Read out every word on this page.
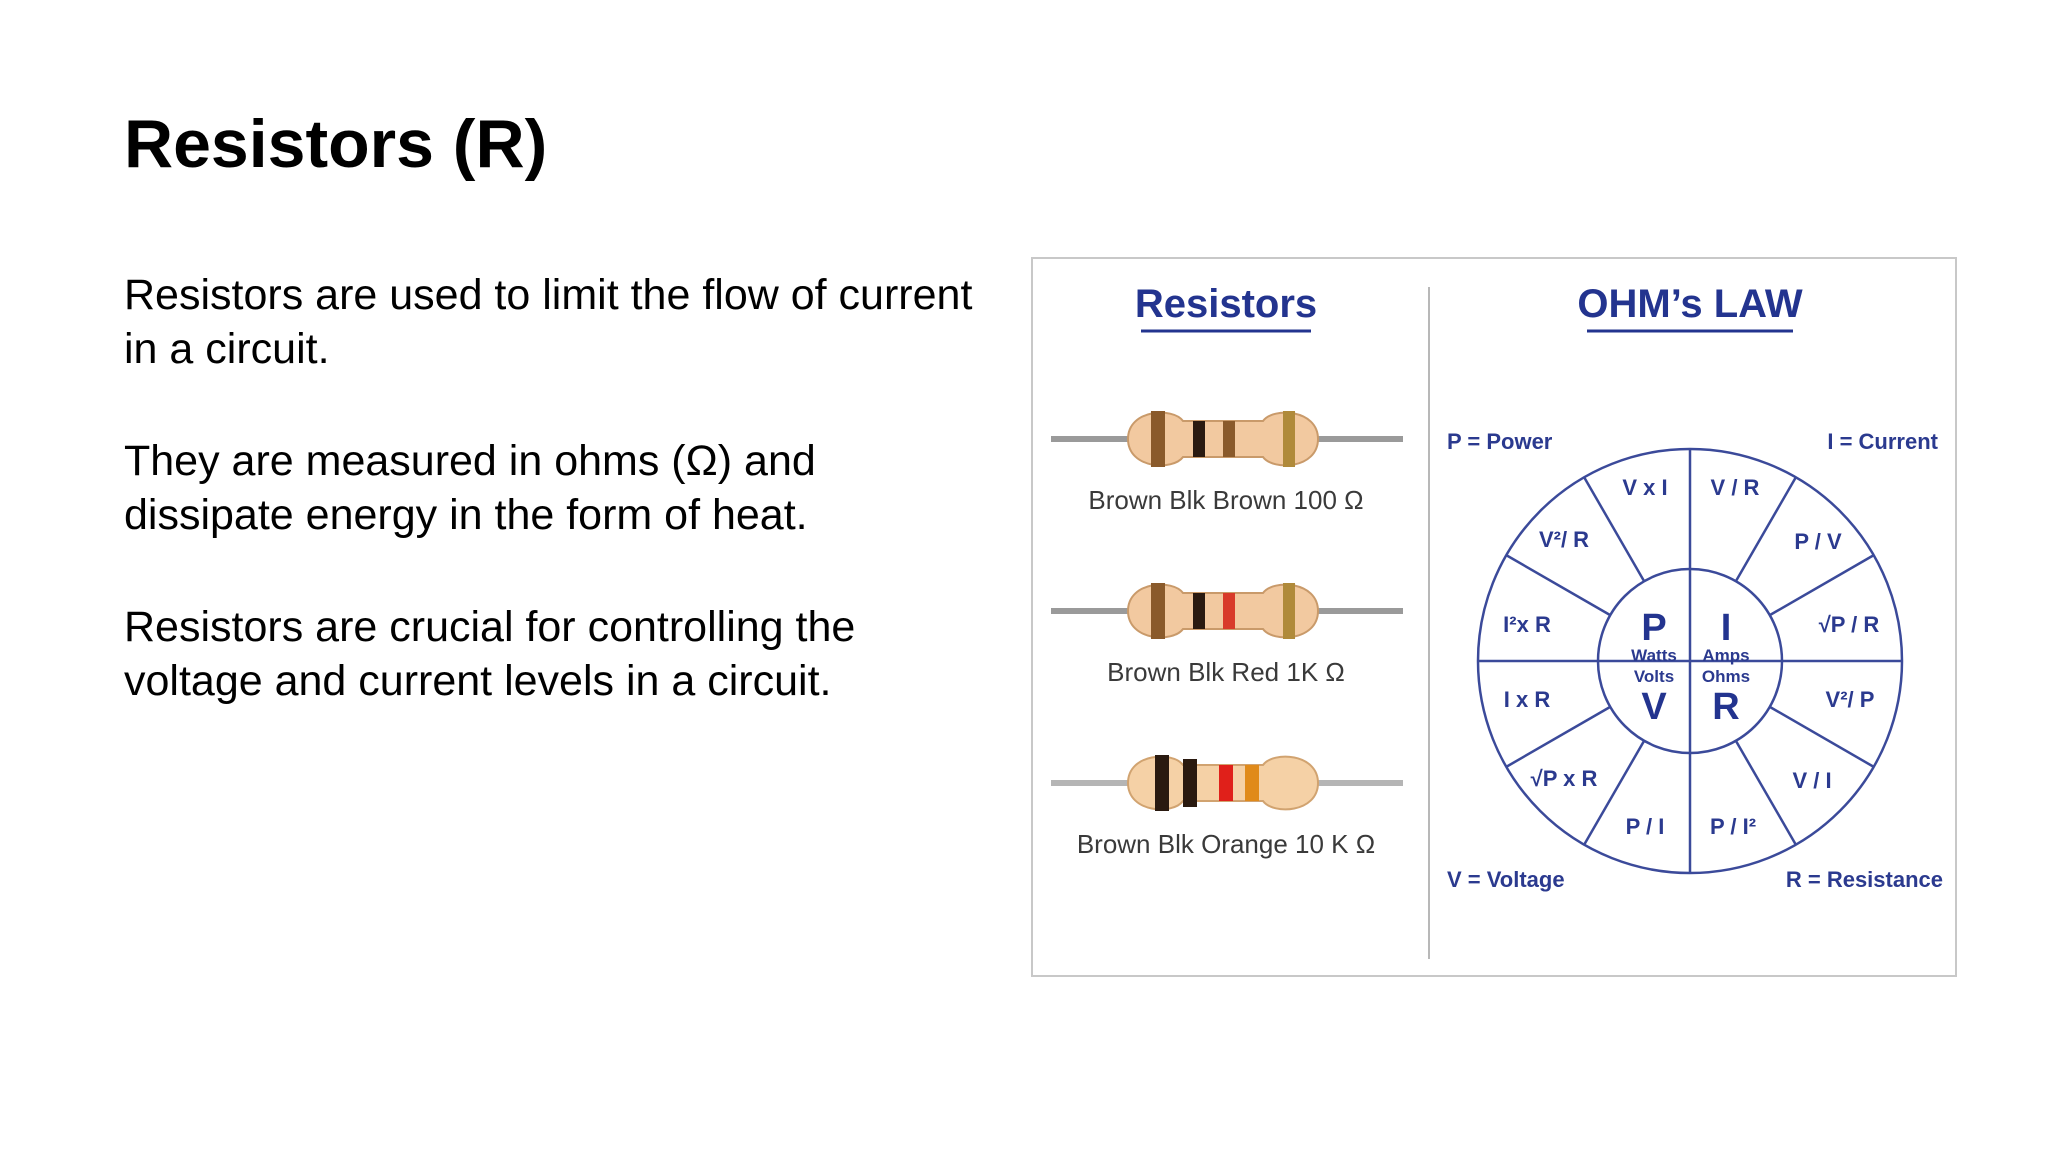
Resistors (R)

Resistors are used to limit the flow of current in a circuit.

They are measured in ohms (Ω) and dissipate energy in the form of heat.

Resistors are crucial for controlling the voltage and current levels in a circuit.

Resistors
Brown Blk Brown 100 Ω
Brown Blk Red 1K Ω
Brown Blk Orange 10 K Ω
OHM’s LAW
P = Power	I = Current
V = Voltage	R = Resistance
P
Watts
I
Amps
Volts
V
Ohms
R
V x I V / R
V²/ R	P / V
I²x R	√P / R
I x R	V²/ P
√P x R	V / I
P / I P / I²
